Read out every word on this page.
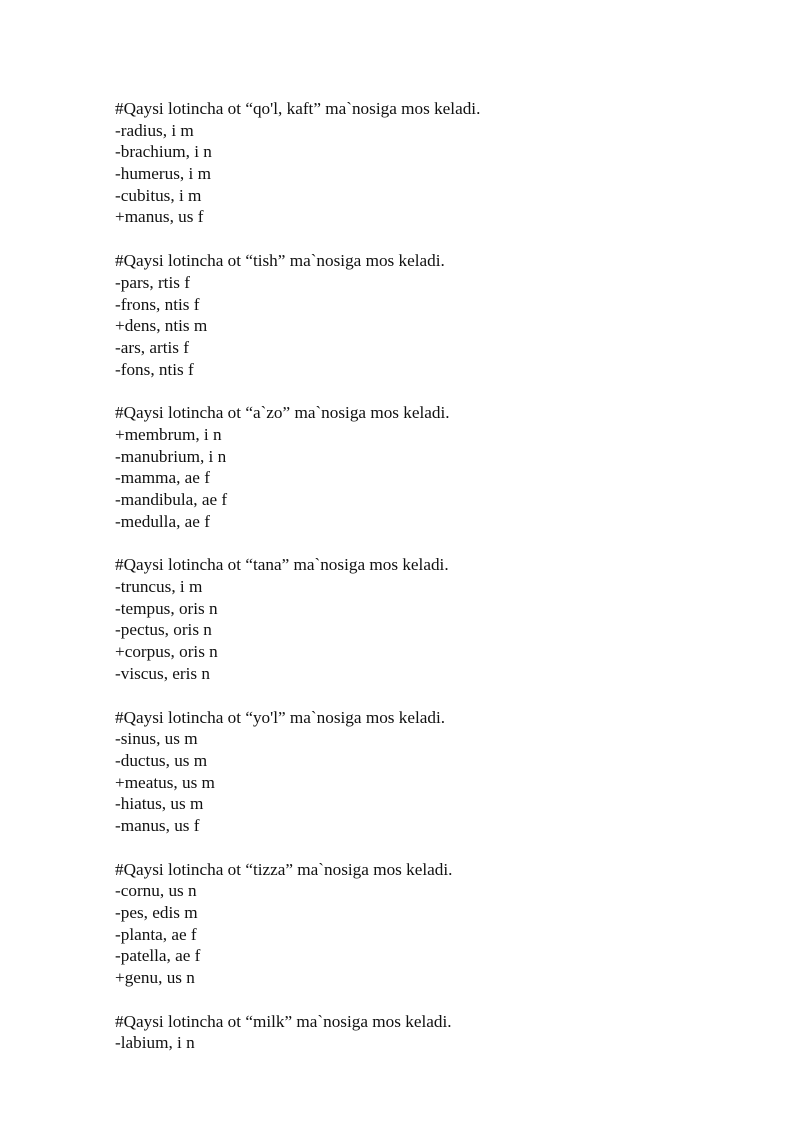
#Qaysi lotincha ot “qo'l, kaft” ma`nosiga mos keladi.
-radius, i m
-brachium, i n
-humerus, i m
-cubitus, i m
+manus, us f
#Qaysi lotincha ot “tish” ma`nosiga mos keladi.
-pars, rtis f
-frons, ntis f
+dens, ntis m
-ars, artis f
-fons, ntis f
#Qaysi lotincha ot “a`zo” ma`nosiga mos keladi.
+membrum, i n
-manubrium, i n
-mamma, ae f
-mandibula, ae f
-medulla, ae f
#Qaysi lotincha ot “tana” ma`nosiga mos keladi.
-truncus, i m
-tempus, oris n
-pectus, oris n
+corpus, oris n
-viscus, eris n
#Qaysi lotincha ot “yo'l” ma`nosiga mos keladi.
-sinus, us m
-ductus, us m
+meatus, us m
-hiatus, us m
-manus, us f
#Qaysi lotincha ot “tizza” ma`nosiga mos keladi.
-cornu, us n
-pes, edis m
-planta, ae f
-patella, ae f
+genu, us n
#Qaysi lotincha ot “milk” ma`nosiga mos keladi.
-labium, i n
